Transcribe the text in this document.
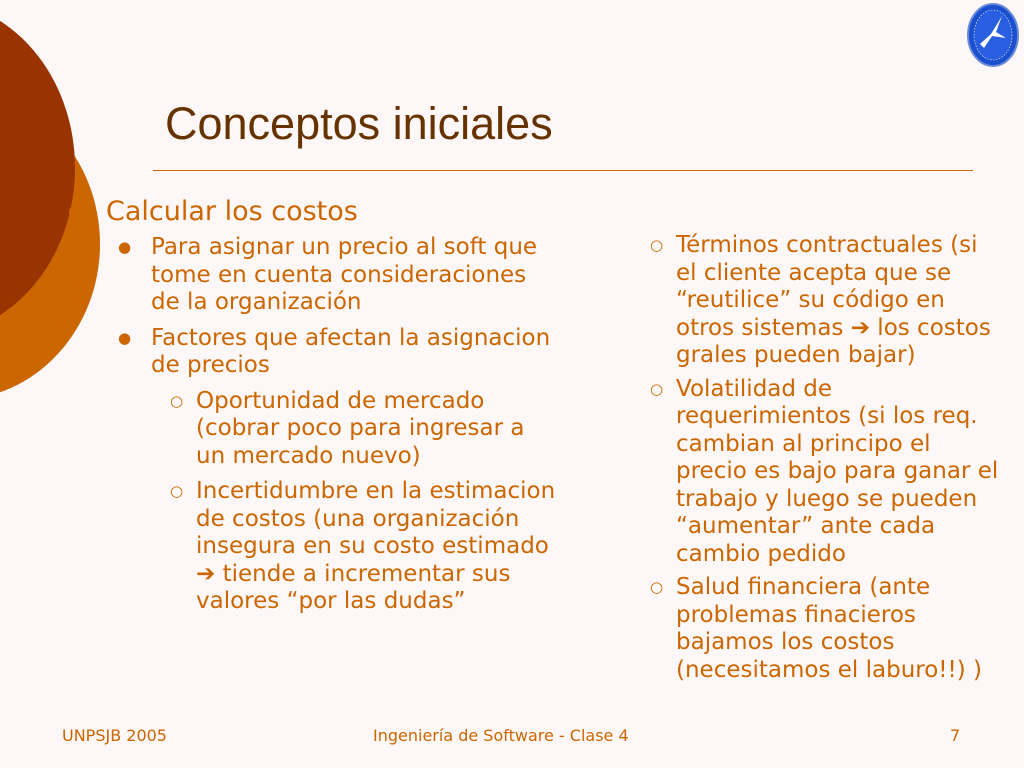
Conceptos iniciales
○ Calcular los costos
● Para asignar un precio al soft que tome en cuenta consideraciones de la organización
● Factores que afectan la asignacion de precios
○ Oportunidad de mercado (cobrar poco para ingresar a un mercado nuevo)
○ Incertidumbre en la estimacion de costos (una organización insegura en su costo estimado ➔ tiende a incrementar sus valores “por las dudas”
○ Términos contractuales (si el cliente acepta que se “reutilice” su código en otros sistemas ➔ los costos grales pueden bajar)
○ Volatilidad de requerimientos (si los req. cambian al principo el precio es bajo para ganar el trabajo y luego se pueden “aumentar” ante cada cambio pedido
○ Salud financiera (ante problemas finacieros bajamos los costos (necesitamos el laburo!!) )
UNPSJB 2005	Ingeniería de Software - Clase 4	7
